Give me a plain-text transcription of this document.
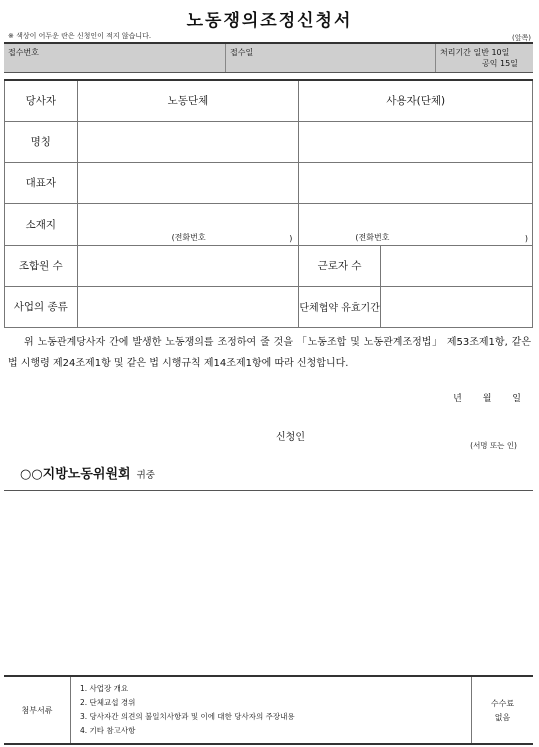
노동쟁의조정신청서
※ 색상이 어두운 란은 신청인이 적지 않습니다.	(앞쪽)
접수번호	접수일	처리기간 일반 10일
공익 15일
당사자	노동단체	사용자(단체)	
명칭			
대표자			
소재지	(전화번호 )	(전화번호 )	

조합원 수		근로자 수	
사업의 종류		단체협약 유효기간	
위 노동관계당사자 간에 발생한 노동쟁의를 조정하여 줄 것을 「노동조합 및 노동관계조정법」 제53조제1항, 같은 법 시행령 제24조제1항 및 같은 법 시행규칙 제14조제1항에 따라 신청합니다.
년 월 일
신청인
(서명 또는 인)
○○지방노동위원회 귀중
첨부서류
1. 사업장 개요
2. 단체교섭 경위
3. 당사자간 의견의 불일치사항과 및 이에 대한 당사자의 주장내용
4. 기타 참고사항
수수료
없음
